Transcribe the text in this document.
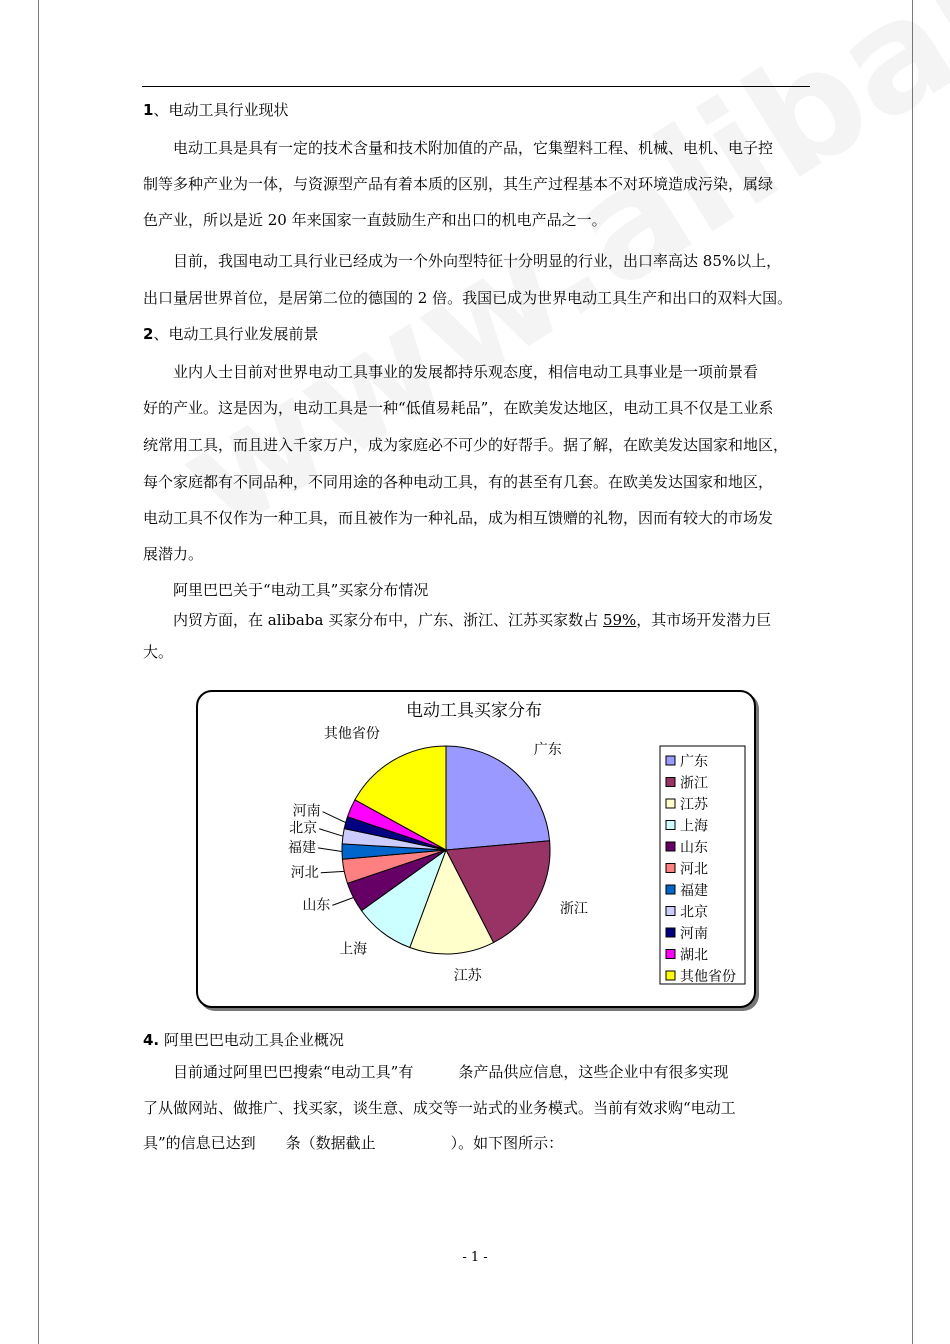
1、电动工具行业现状
　　电动工具是具有一定的技术含量和技术附加值的产品，它集塑料工程、机械、电机、电子控
制等多种产业为一体，与资源型产品有着本质的区别，其生产过程基本不对环境造成污染，属绿
色产业，所以是近 20 年来国家一直鼓励生产和出口的机电产品之一。
　　目前，我国电动工具行业已经成为一个外向型特征十分明显的行业，出口率高达 85%以上，
出口量居世界首位，是居第二位的德国的 2 倍。我国已成为世界电动工具生产和出口的双料大国。
2、电动工具行业发展前景
　　业内人士目前对世界电动工具事业的发展都持乐观态度，相信电动工具事业是一项前景看
好的产业。这是因为，电动工具是一种“低值易耗品”，在欧美发达地区，电动工具不仅是工业系
统常用工具，而且进入千家万户，成为家庭必不可少的好帮手。据了解，在欧美发达国家和地区，
每个家庭都有不同品种，不同用途的各种电动工具，有的甚至有几套。在欧美发达国家和地区，
电动工具不仅作为一种工具，而且被作为一种礼品，成为相互馈赠的礼物，因而有较大的市场发
展潜力。
　　阿里巴巴关于“电动工具”买家分布情况
　　内贸方面，在 alibaba 买家分布中，广东、浙江、江苏买家数占 59%，其市场开发潜力巨
大。
电动工具买家分布
广东
浙江
江苏
上海
山东
河北
福建
北京
河南
其他省份
广东
浙江
江苏
上海
山东
河北
福建
北京
河南
湖北
其他省份
4. 阿里巴巴电动工具企业概况
　　目前通过阿里巴巴搜索“电动工具”有　　　条产品供应信息，这些企业中有很多实现
了从做网站、做推广、找买家，谈生意、成交等一站式的业务模式。当前有效求购“电动工
具”的信息已达到　　条（数据截止　　　　　）。如下图所示：
- 1 -
